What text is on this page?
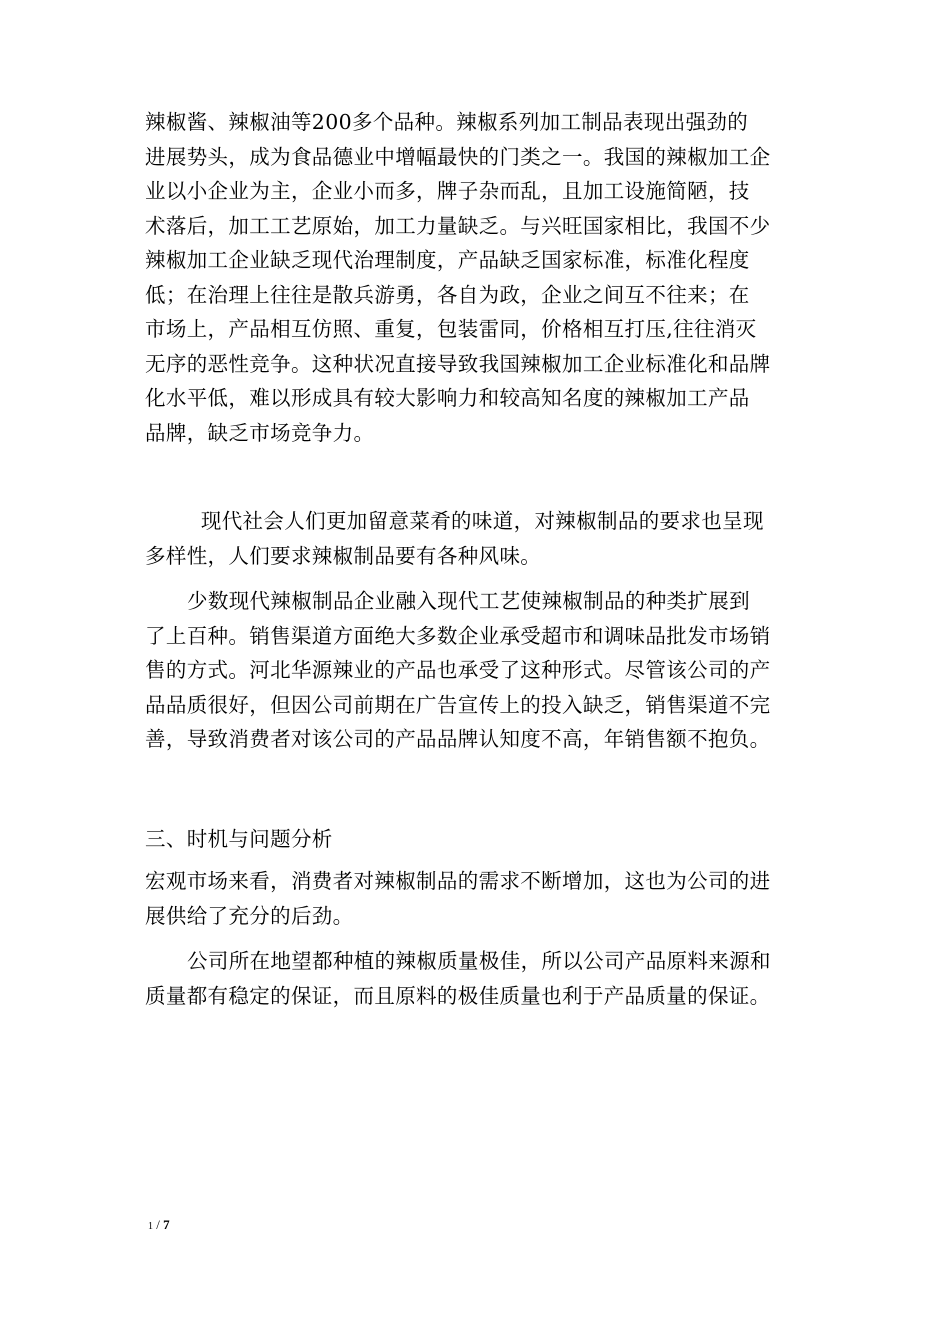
辣椒酱、辣椒油等200多个品种。辣椒系列加工制品表现出强劲的
进展势头，成为食品德业中增幅最快的门类之一。我国的辣椒加工企
业以小企业为主，企业小而多，牌子杂而乱，且加工设施简陋，技
术落后，加工工艺原始，加工力量缺乏。与兴旺国家相比，我国不少
辣椒加工企业缺乏现代治理制度，产品缺乏国家标准，标准化程度
低；在治理上往往是散兵游勇，各自为政，企业之间互不往来；在
市场上，产品相互仿照、重复，包装雷同，价格相互打压,往往消灭
无序的恶性竞争。这种状况直接导致我国辣椒加工企业标准化和品牌
化水平低，难以形成具有较大影响力和较高知名度的辣椒加工产品
品牌，缺乏市场竞争力。
　现代社会人们更加留意菜肴的味道，对辣椒制品的要求也呈现
多样性，人们要求辣椒制品要有各种风味。
少数现代辣椒制品企业融入现代工艺使辣椒制品的种类扩展到
了上百种。销售渠道方面绝大多数企业承受超市和调味品批发市场销
售的方式。河北华源辣业的产品也承受了这种形式。尽管该公司的产
品品质很好，但因公司前期在广告宣传上的投入缺乏，销售渠道不完
善，导致消费者对该公司的产品品牌认知度不高，年销售额不抱负。
三、时机与问题分析
宏观市场来看，消费者对辣椒制品的需求不断增加，这也为公司的进
展供给了充分的后劲。
公司所在地望都种植的辣椒质量极佳，所以公司产品原料来源和
质量都有稳定的保证，而且原料的极佳质量也利于产品质量的保证。
1 / 7
